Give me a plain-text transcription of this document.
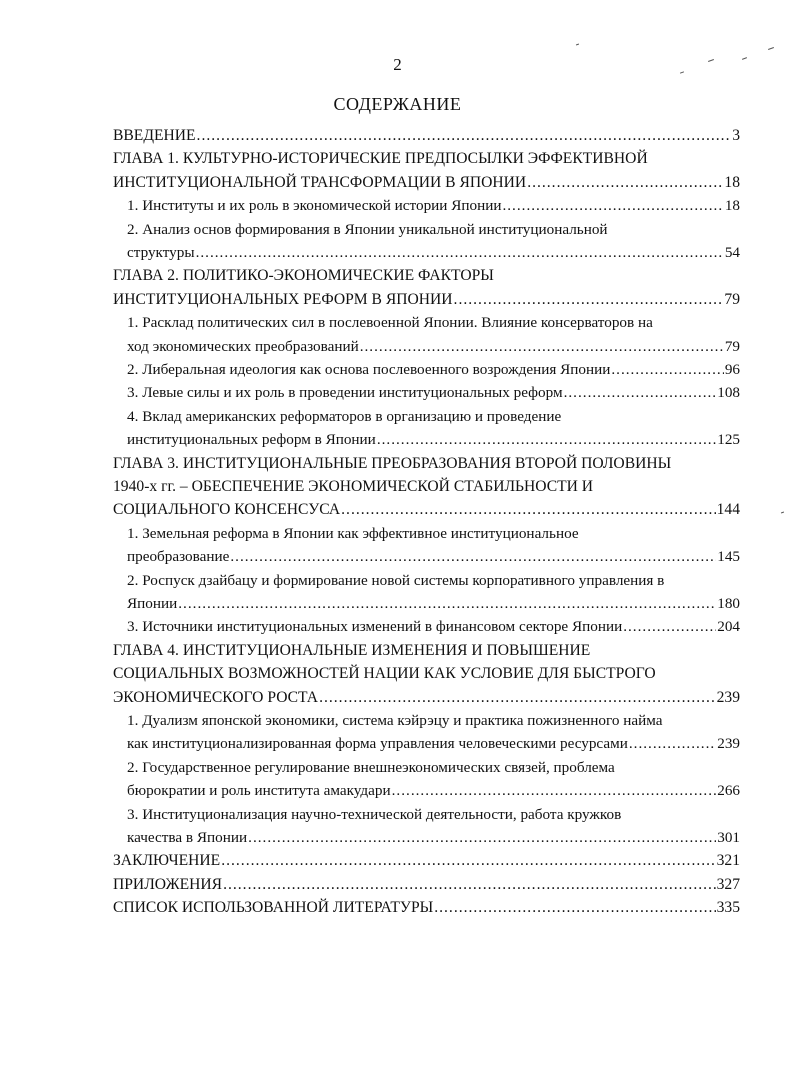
2
СОДЕРЖАНИЕ
ВВЕДЕНИЕ .....	3
ГЛАВА 1. КУЛЬТУРНО-ИСТОРИЧЕСКИЕ ПРЕДПОСЫЛКИ ЭФФЕКТИВНОЙ
ИНСТИТУЦИОНАЛЬНОЙ ТРАНСФОРМАЦИИ В ЯПОНИИ .....	18
1. Институты и их роль в экономической истории Японии .....	18
2. Анализ основ формирования в Японии уникальной институциональной
структуры .....	54
ГЛАВА 2. ПОЛИТИКО-ЭКОНОМИЧЕСКИЕ ФАКТОРЫ
ИНСТИТУЦИОНАЛЬНЫХ РЕФОРМ В ЯПОНИИ .....	79
1. Расклад политических сил в послевоенной Японии. Влияние консерваторов на
ход экономических преобразований .....	79
2. Либеральная идеология как основа послевоенного возрождения Японии .....	96
3. Левые силы и их роль в проведении институциональных реформ .....	108
4. Вклад американских реформаторов в организацию и проведение
институциональных реформ в Японии .....	125
ГЛАВА 3. ИНСТИТУЦИОНАЛЬНЫЕ ПРЕОБРАЗОВАНИЯ ВТОРОЙ ПОЛОВИНЫ
1940-х гг. – ОБЕСПЕЧЕНИЕ ЭКОНОМИЧЕСКОЙ СТАБИЛЬНОСТИ И
СОЦИАЛЬНОГО КОНСЕНСУСА .....	144
1. Земельная реформа в Японии как эффективное институциональное
преобразование .....	145
2. Роспуск дзайбацу и формирование новой системы корпоративного управления в
Японии .....	180
3. Источники институциональных изменений в финансовом секторе Японии .....	204
ГЛАВА 4. ИНСТИТУЦИОНАЛЬНЫЕ ИЗМЕНЕНИЯ И ПОВЫШЕНИЕ
СОЦИАЛЬНЫХ ВОЗМОЖНОСТЕЙ НАЦИИ КАК УСЛОВИЕ ДЛЯ БЫСТРОГО
ЭКОНОМИЧЕСКОГО РОСТА .....	239
1. Дуализм японской экономики, система кэйрэцу и практика пожизненного найма
как институционализированная форма управления человеческими ресурсами .....	239
2. Государственное регулирование внешнеэкономических связей, проблема
бюрократии и роль института амакудари .....	266
3. Институционализация научно-технической деятельности, работа кружков
качества в Японии .....	301
ЗАКЛЮЧЕНИЕ .....	321
ПРИЛОЖЕНИЯ .....	327
СПИСОК ИСПОЛЬЗОВАННОЙ ЛИТЕРАТУРЫ .....	335
